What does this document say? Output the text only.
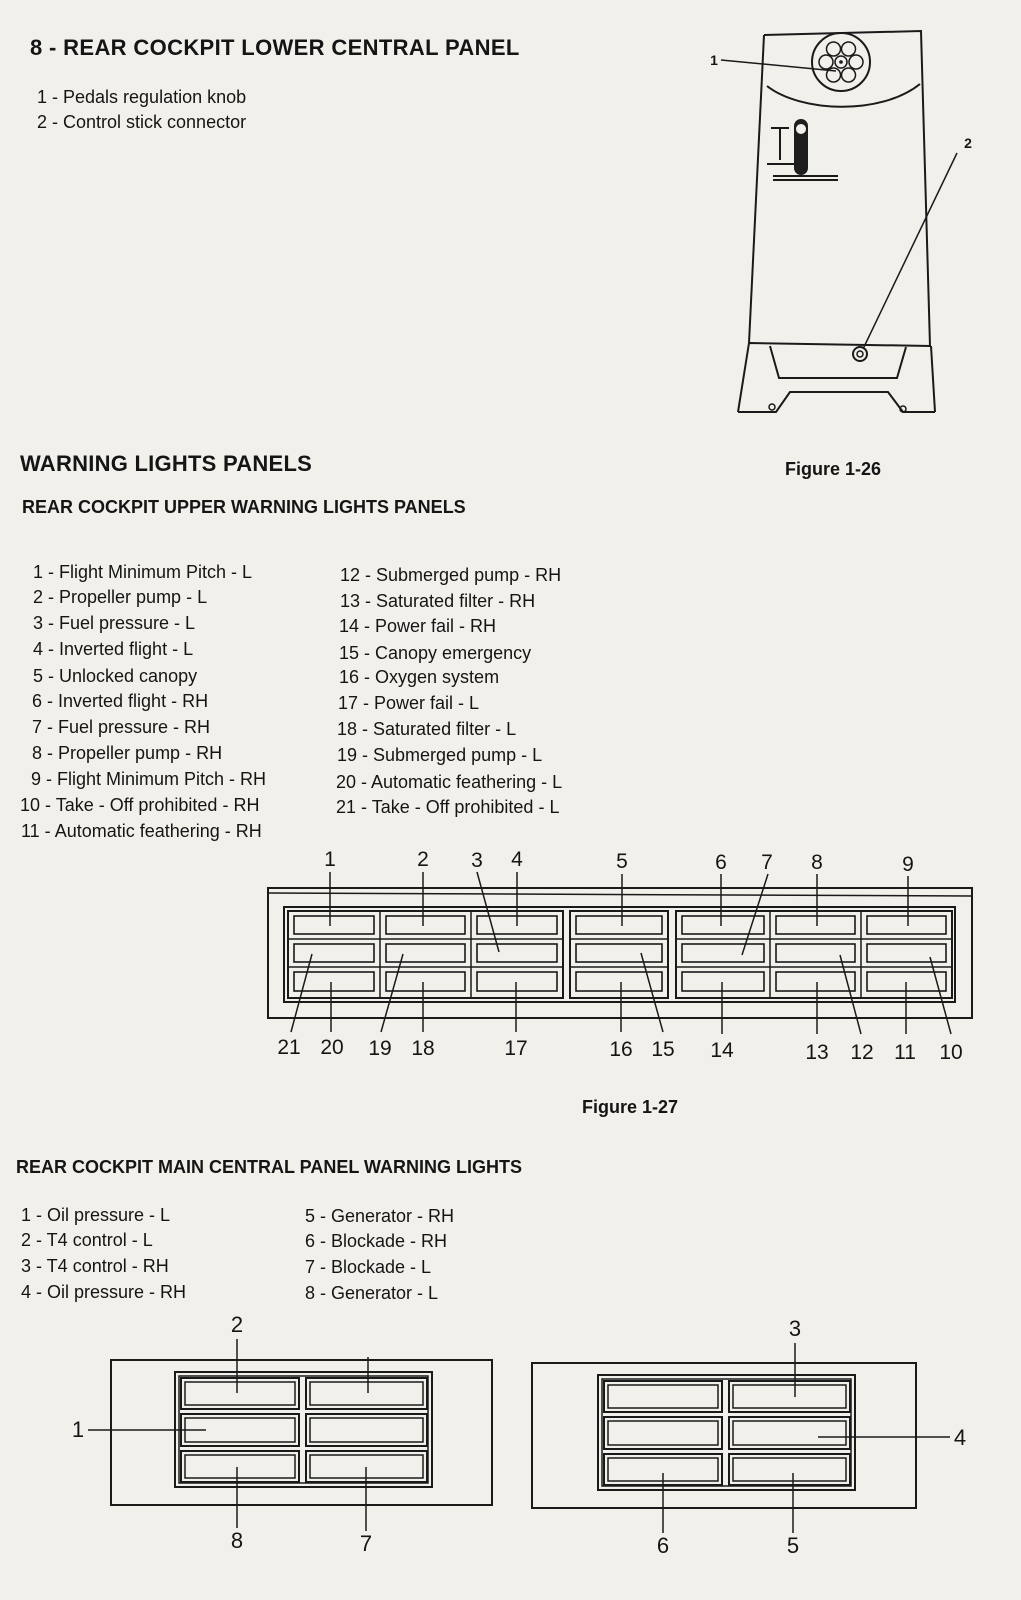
1
2
1	2 3 4	5	6 7 8	9
21 20 19 18	17	16 15 14	13 12 11 10
2
1
8	7
3
4
6	5
8 - REAR COCKPIT LOWER CENTRAL PANEL
1 - Pedals regulation knob
2 - Control stick connector
WARNING LIGHTS PANELS	Figure 1-26
REAR COCKPIT UPPER WARNING LIGHTS PANELS
1 - Flight Minimum Pitch - L
2 - Propeller pump - L
3 - Fuel pressure - L
4 - Inverted flight - L
5 - Unlocked canopy
6 - Inverted flight - RH
7 - Fuel pressure - RH
8 - Propeller pump - RH
9 - Flight Minimum Pitch - RH
10 - Take - Off prohibited - RH
11 - Automatic feathering - RH
12 - Submerged pump - RH
13 - Saturated filter - RH
14 - Power fail - RH
15 - Canopy emergency
16 - Oxygen system
17 - Power fail - L
18 - Saturated filter - L
19 - Submerged pump - L
20 - Automatic feathering - L
21 - Take - Off prohibited - L
Figure 1-27
REAR COCKPIT MAIN CENTRAL PANEL WARNING LIGHTS
1 - Oil pressure - L
2 - T4 control - L
3 - T4 control - RH
4 - Oil pressure - RH
5 - Generator - RH
6 - Blockade - RH
7 - Blockade - L
8 - Generator - L
